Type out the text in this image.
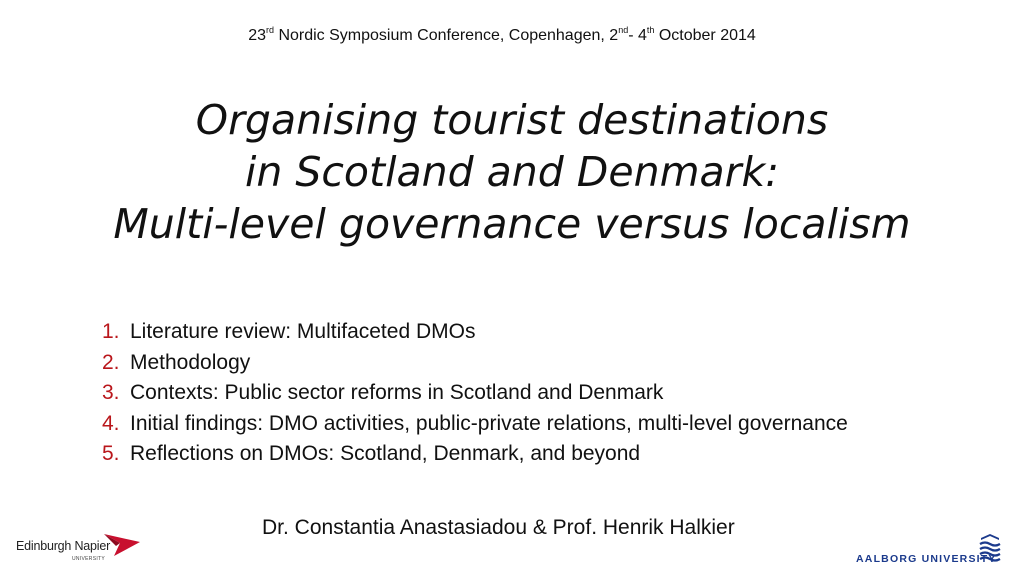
23rd Nordic Symposium Conference, Copenhagen, 2nd- 4th October 2014
Organising tourist destinations
in Scotland and Denmark:
Multi-level governance versus localism
1. Literature review: Multifaceted DMOs
2. Methodology
3. Contexts: Public sector reforms in Scotland and Denmark
4. Initial findings: DMO activities, public-private relations, multi-level governance
5. Reflections on DMOs: Scotland, Denmark, and beyond
Dr. Constantia Anastasiadou & Prof. Henrik Halkier
Edinburgh Napier
UNIVERSITY	AALBORG UNIVERSITY
